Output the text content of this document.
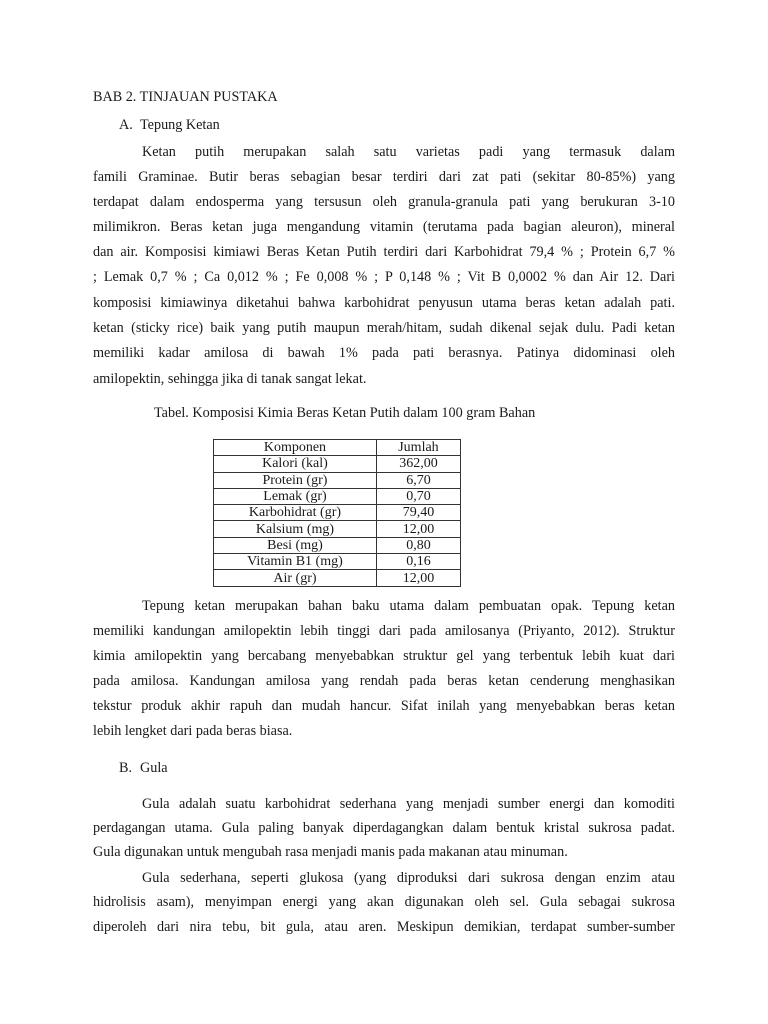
BAB 2. TINJAUAN PUSTAKA

A. Tepung Ketan

Ketan putih merupakan salah satu varietas padi yang termasuk dalam

famili Graminae. Butir beras sebagian besar terdiri dari zat pati (sekitar 80-85%) yang

terdapat dalam endosperma yang tersusun oleh granula-granula pati yang berukuran 3-10

milimikron. Beras ketan juga mengandung vitamin (terutama pada bagian aleuron), mineral

dan air. Komposisi kimiawi Beras Ketan Putih terdiri dari Karbohidrat 79,4 % ; Protein 6,7 %

; Lemak 0,7 % ; Ca 0,012 % ; Fe 0,008 % ; P 0,148 % ; Vit B 0,0002 % dan Air 12. Dari

komposisi kimiawinya diketahui bahwa karbohidrat penyusun utama beras ketan adalah pati.

ketan (sticky rice) baik yang putih maupun merah/hitam, sudah dikenal sejak dulu. Padi ketan

memiliki kadar amilosa di bawah 1% pada pati berasnya. Patinya didominasi oleh

amilopektin, sehingga jika di tanak sangat lekat.

Tabel. Komposisi Kimia Beras Ketan Putih dalam 100 gram Bahan

Komponen	Jumlah
Kalori (kal)	362,00
Protein (gr)	6,70
Lemak (gr)	0,70
Karbohidrat (gr)	79,40
Kalsium (mg)	12,00
Besi (mg)	0,80
Vitamin B1 (mg)	0,16
Air (gr)	12,00

Tepung ketan merupakan bahan baku utama dalam pembuatan opak. Tepung ketan

memiliki kandungan amilopektin lebih tinggi dari pada amilosanya (Priyanto, 2012). Struktur

kimia amilopektin yang bercabang menyebabkan struktur gel yang terbentuk lebih kuat dari

pada amilosa. Kandungan amilosa yang rendah pada beras ketan cenderung menghasikan

tekstur produk akhir rapuh dan mudah hancur. Sifat inilah yang menyebabkan beras ketan

lebih lengket dari pada beras biasa.

B. Gula

Gula adalah suatu karbohidrat sederhana yang menjadi sumber energi dan komoditi

perdagangan utama. Gula paling banyak diperdagangkan dalam bentuk kristal sukrosa padat.

Gula digunakan untuk mengubah rasa menjadi manis pada makanan atau minuman.

Gula sederhana, seperti glukosa (yang diproduksi dari sukrosa dengan enzim atau

hidrolisis asam), menyimpan energi yang akan digunakan oleh sel. Gula sebagai sukrosa

diperoleh dari nira tebu, bit gula, atau aren. Meskipun demikian, terdapat sumber-sumber
